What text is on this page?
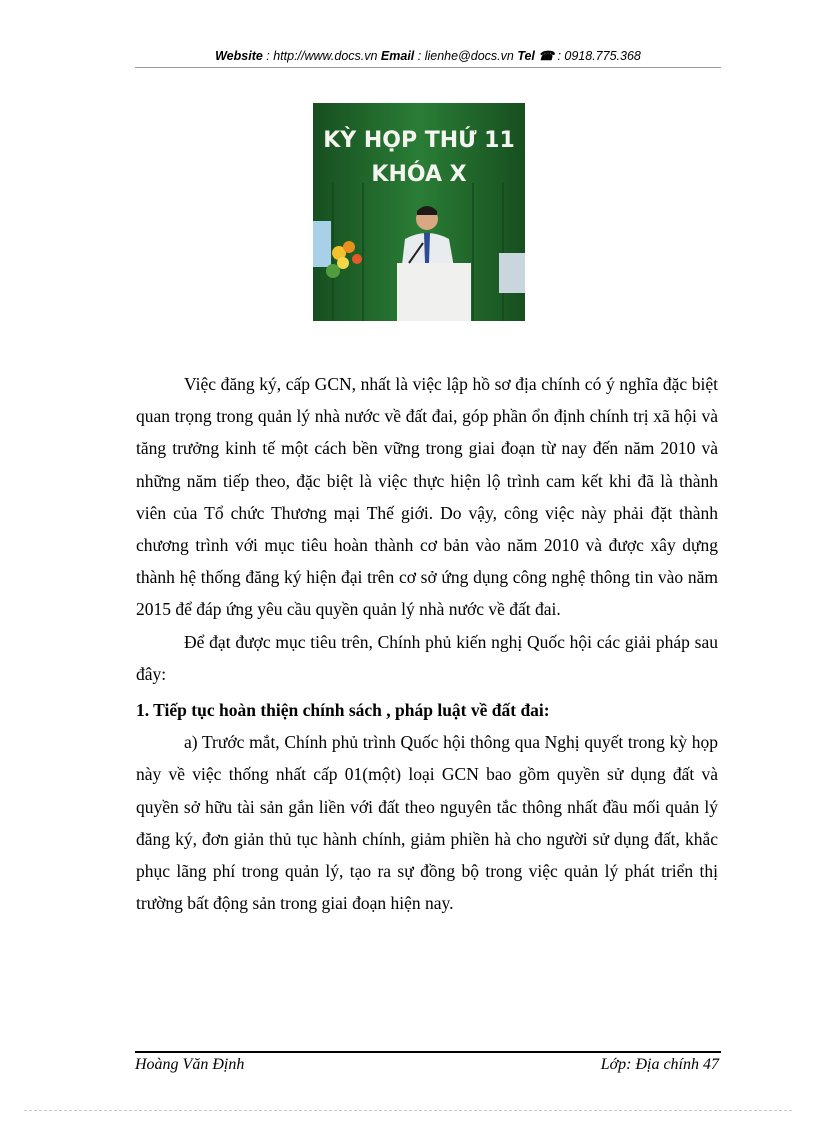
Website : http://www.docs.vn Email : lienhe@docs.vn Tel ☎ : 0918.775.368
KỲ HỌP THỨ 11
KHÓA X

Việc đăng ký, cấp GCN, nhất là việc lập hồ sơ địa chính có ý nghĩa đặc biệt quan trọng trong quản lý nhà nước về đất đai, góp phần ổn định chính trị xã hội và tăng trưởng kinh tế một cách bền vững trong giai đoạn từ nay đến năm 2010 và những năm tiếp theo, đặc biệt là việc thực hiện lộ trình cam kết khi đã là thành viên của Tổ chức Thương mại Thế giới. Do vậy, công việc này phải đặt thành chương trình với mục tiêu hoàn thành cơ bản vào năm 2010 và được xây dựng thành hệ thống đăng ký hiện đại trên cơ sở ứng dụng công nghệ thông tin vào năm 2015 để đáp ứng yêu cầu quyền quản lý nhà nước về đất đai.

Để đạt được mục tiêu trên, Chính phủ kiến nghị Quốc hội các giải pháp sau đây:

1. Tiếp tục hoàn thiện chính sách , pháp luật về đất đai:

a) Trước mắt, Chính phủ trình Quốc hội thông qua Nghị quyết trong kỳ họp này về việc thống nhất cấp 01(một) loại GCN bao gồm quyền sử dụng đất và quyền sở hữu tài sản gắn liền với đất theo nguyên tắc thông nhất đầu mối quản lý đăng ký, đơn giản thủ tục hành chính, giảm phiền hà cho người sử dụng đất, khắc phục lãng phí trong quản lý, tạo ra sự đồng bộ trong việc quản lý phát triển thị trường bất động sản trong giai đoạn hiện nay.

Hoàng Văn Định	Lớp: Địa chính 47
